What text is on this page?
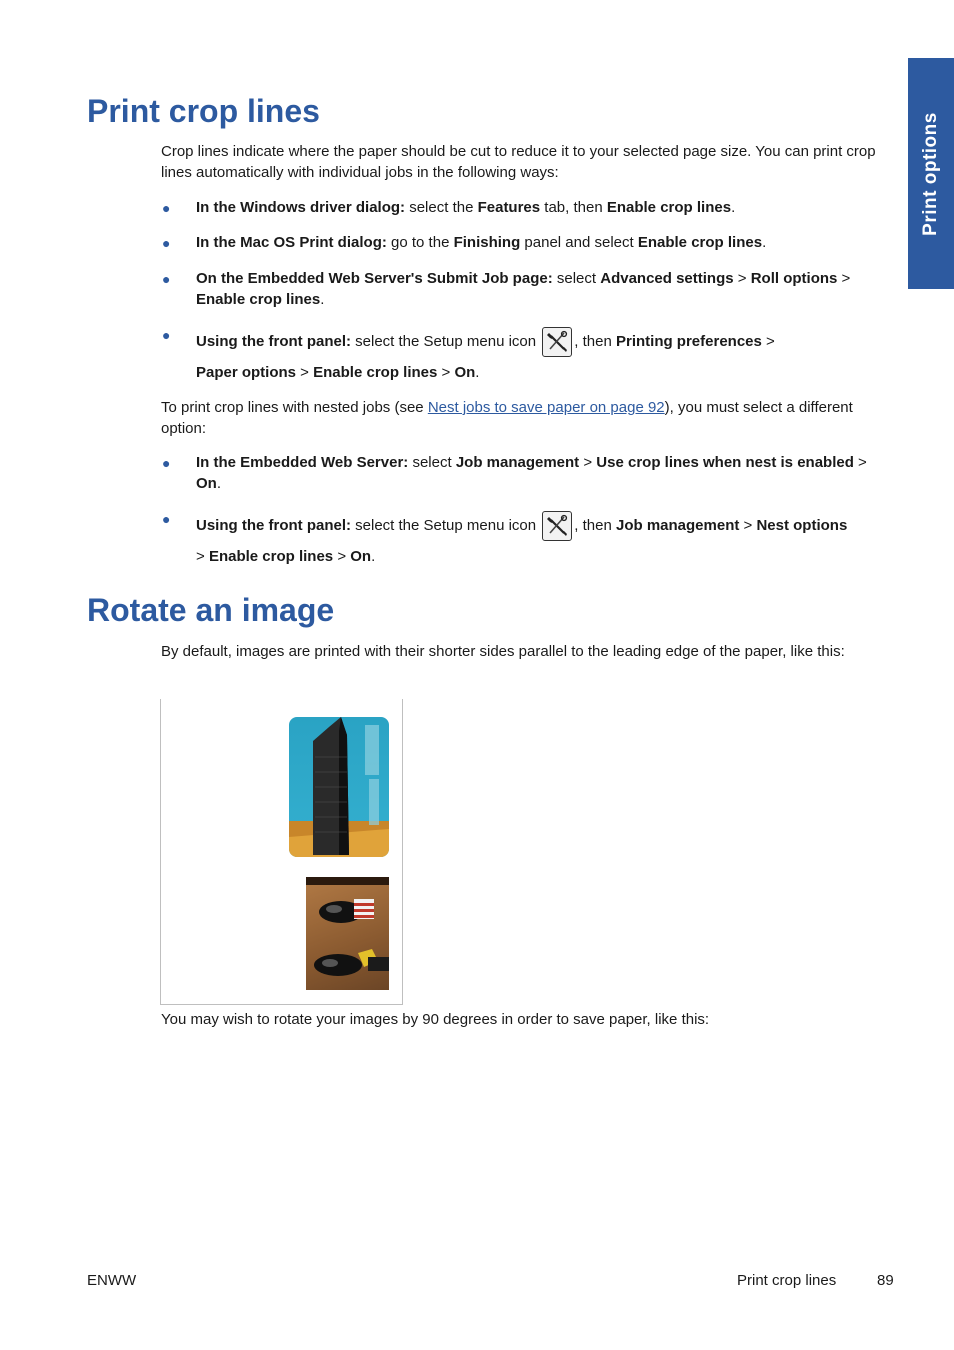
Print options
Print crop lines

Crop lines indicate where the paper should be cut to reduce it to your selected page size. You can print crop lines automatically with individual jobs in the following ways:

● In the Windows driver dialog: select the Features tab, then Enable crop lines.
● In the Mac OS Print dialog: go to the Finishing panel and select Enable crop lines.
● On the Embedded Web Server's Submit Job page: select Advanced settings > Roll options > Enable crop lines.
● Using the front panel: select the Setup menu icon
, then Printing preferences >
Paper options > Enable crop lines > On.

To print crop lines with nested jobs (see Nest jobs to save paper on page 92), you must select a different option:

● In the Embedded Web Server: select Job management > Use crop lines when nest is enabled > On.
● Using the front panel: select the Setup menu icon
, then Job management > Nest options
> Enable crop lines > On.
Rotate an image

By default, images are printed with their shorter sides parallel to the leading edge of the paper, like this:

You may wish to rotate your images by 90 degrees in order to save paper, like this:

ENWW	Print crop lines	89
